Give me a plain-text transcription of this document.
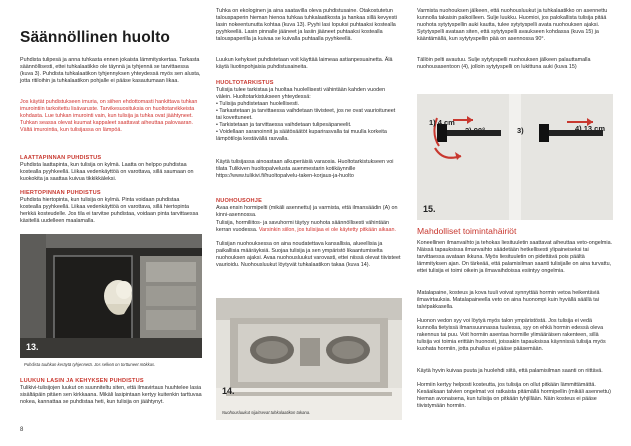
Säännöllinen huolto
Puhdista tulipesä ja anna tuhkasta ennen jokaista lämmityskertaa. Tarkasta säännöllisesti, ettei tuhkalaatikko ole täynnä ja tyhjennä se tarvittaessa (kuva 3). Puhdista tuhkalaatikon tyhjennyksen yhteydessä myös sen alusta, jotta ritiloihin ja tuhkalaatikon pohjalle ei pääse kasautumaan likaa.
Jos käytät puhdistukseen imuria, on siihen ehdottomasti hankittava tuhkan imurointiin tarkoitettu lisävaruste. Tarvikesuosituksia on huoltotarvikkeista kohdasta. Lue tuhkan imurointi vain, kun tulisija ja tuhka ovat jäähtyneet. Tuhkan seassa olevat kuumat kappaleet saattavat aiheuttaa palovaaran. Vältä imurointia, kun tulisijassa on lämpöä.
LAATTAPINNAN PUHDISTUS
Puhdista laattapinta, kun tulisija on kylmä. Laatta on helppo puhdistaa kostealla pyyhkeellä. Liikaa vedenkäyttöä on varottava, sillä saumaan on kuokokita ja saattaa kuivua tikkikkäleksi.
HIERTOPINNAN PUHDISTUS
Puhdista hiertopinta, kun tulisija on kylmä. Pinta voidaan puhdistaa kostealla pyyhkeellä. Liikaa vedenkäyttöä on varottava, sillä hiertopinta herkkä kosteudelle. Jos tila ei tarvitse puhdistaa, voidaan pinta tarvittaessa käsitellä uudelleen maalamalla.
13.
Puhdista tuuhkan keräytä tyhjennetä. Jos selkeä on torttuneet mökkas.
LUUKUN LASIN JA KEHYKSEN PUHDISTUS
Tulikivi-tulisijojen luukut on suunniteltu siten, että ilmavirtaus huuhtelee lasia sisältäpäin pitäen sen kirkkaana. Mikäli lasipintaan kertyy kuitenkin tarttuvaa nokea, kannattaa se puhdistaa heti, kun tulisija on jäähtynyt.
Tuhka on ekologinen ja aina saatavilla oleva puhdistusaine. Otakostutetun talouspaperin hieman hienoa tuhkaa tuhkalaatikosta ja hankaa sillä kevyesti lasin nokeentunutta kohtaa (kuva 13). Pyyhi lasi lopuksi puhtaaksi kostealla pyyhkeellä. Lasin pinnalle jääneet ja lasiin jääneet puhtaaksi kostealla talouspaperilla ja kuivaa se kuivalla puhtaalla pyyhkeellä.
Luukun kehykset puhdistetaan voit käyttää laimeaa astianpesuainetta. Älä käytä liuotinpohjaisia puhdistusaineita.
HUOLTOTARKISTUS
Tulisija tulee tarkistaa ja huoltaa huolellisesti vähintään kahden vuoden välein. Huoltotarkistukseen yhteydessä:
• Tulisija puhdistetaan huolellisesti.
• Tarkastetaan ja tarvittaessa vaihdetaan tiivisteet, jos ne ovat vaurioituneet tai kovettuneet.
• Tarkistetaan ja tarvittaessa vaihdetaan tulipesäpaneelit.
• Voidellaan saranoinnit ja säätösäätöt kuparirasvalla tai muulla korkeita lämpötiloja kestävällä rasvalla.
Käytä tulisijassa ainoastaan alkuperäisiä varaosia. Huoltotarkistukseen voi tilata Tulikiven huoltopalvelusta auenmestarin kotikäynnille https://www.tulikivi.fi/huoltopalvelu-taken-korjaus-ja-huolto
NUOHOUSOHJE
Avaa ensin hormipelti (mikäli asennettu) ja varmista, että ilmansäädin (A) on kinni-asennossa.
Tulisija, hormiliitos- ja savuhormi täytyy nuohota säännöllisesti vähintään kerran vuodessa. Varsinkin siilon, jos tulisijaa ei ole käytetty pitkään aikaan.
Tulisijan nuohouksessa on aina noudatettava kansallisia, alueellisia ja paikallisia määräyksiä. Suojaa tulisija ja sen ympäristö likaantumiselta nuohouksen ajaksi. Avaa nuohousluukut varovasti, ettei niissä olevat tiivisteet vaurioidu. Nuohousluukut löytyvät tuhkalaatikon takaa (kuva 14).
14.
Nuohousluukut sijaitsevat tuhkalaatikon takana.
Varmista nuohouksen jälkeen, että nuohousluukut ja tuhkalaatikko on asennettu kunnolla takaisin paikoilleen. Sulje luukku. Huomioi, jos palokallista tulisija pitää nuohota sytytyspellin auki kautta, tulee sytytyspelli avata nuohouksen ajaksi. Sytytyspelli avataan siten, että sytytyspelli avaukseen kohdassa (kuva 15) ja kääntämällä, kun sytytyspellin pää on asennossa 90°.
Tällöin pelti avautuu. Sulje sytytyspelli nuohouksen jälkeen palauttamalla nuohousasentoon (4), jolloin sytytyspelli on lukittuna auki (kuva 15)
1) 4 cm
2) 90°	4) 13 cm
3)
15.
Mahdolliset toimintahäiriöt
Koneellinen ilmanvaihto ja tehokas liesituuletin saattavat aiheuttaa veto-ongelmia. Näissä tapauksissa ilmanvaihto säädetään hetkellisesti ylipaineiseksi tai tarvittaessa avataan ikkuna. Myös liesituuletin on pidettävä pois päältä lämmityksen ajan. On tärkeää, että palamisilman saanti tulisijalle on aina turvattu, ettei tulisija ei toimi oikein ja ilmavaihdoissa esiintyy ongelmia.
Matalapaine, kosteus ja kova tuuli voivat synnyttää hormin vetoa heikentäviä ilmavirtauksia. Matalapaineella veto on aina huonompi kuin hyvällä säällä tai talvipakkasella.
Huonon vedon syy voi löytyä myös talon ympäristöstä. Jos tulisija ei vedä kunnolla tietyissä ilmansuunnassa tuulessa, syy on ehkä hormin edessä oleva rakennus tai puu. Voit hormiin asentaa hormille ylimääräisen rakenteen, sillä tulisija voi toimia erittäin huonosti, joissakin tapauksissa käynnissä tulisija myös kuohata hormiin, jotta puhallus ei pääse pääsemään.
Käytä hyvin kuivaa puuta ja huolehdi siitä, että palamisilman saanti on riittävä.
Hormiin kertyy helposti kosteutta, jos tulisija on ollut pitkään lämmittämättä. Kesäaikaan talvien ongelmat voi ratkaista pitämällä hormipellin (mikäli asennettu) hieman avonaisena, kun tulisija on pitkään tyhjillään. Näin kosteus ei pääse tiivistymään hormiin.
8
